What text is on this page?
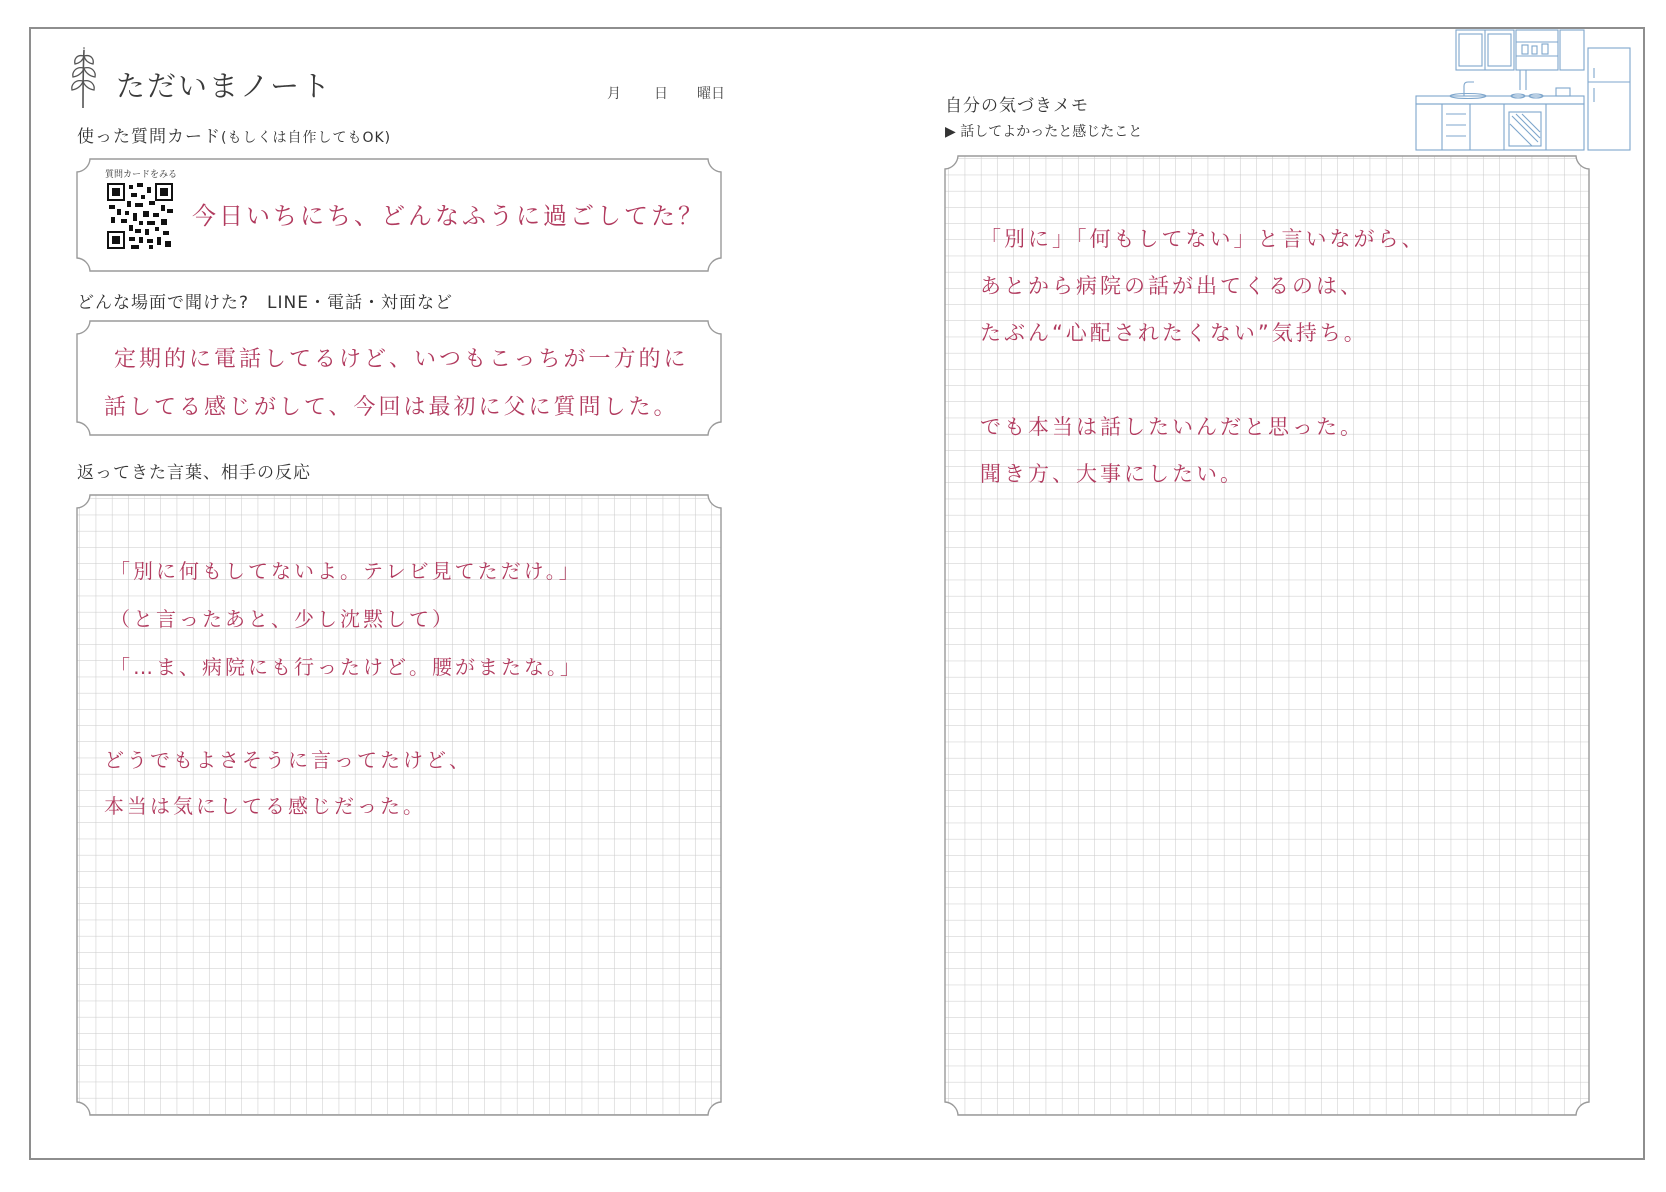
ただいまノート	月 日 曜日
使った質問カード(もしくは自作してもOK)
質問カードをみる
今日いちにち、どんなふうに過ごしてた？
どんな場面で聞けた?　LINE・電話・対面など
定期的に電話してるけど、いつもこっちが一方的に
話してる感じがして、今回は最初に父に質問した。
返ってきた言葉、相手の反応
「別に何もしてないよ。テレビ見てただけ。」
（と言ったあと、少し沈黙して）
「…ま、病院にも行ったけど。腰がまたな。」
どうでもよさそうに言ってたけど、
本当は気にしてる感じだった。
自分の気づきメモ
▶ 話してよかったと感じたこと
「別に」「何もしてない」と言いながら、
あとから病院の話が出てくるのは、
たぶん“心配されたくない”気持ち。
でも本当は話したいんだと思った。
聞き方、大事にしたい。
